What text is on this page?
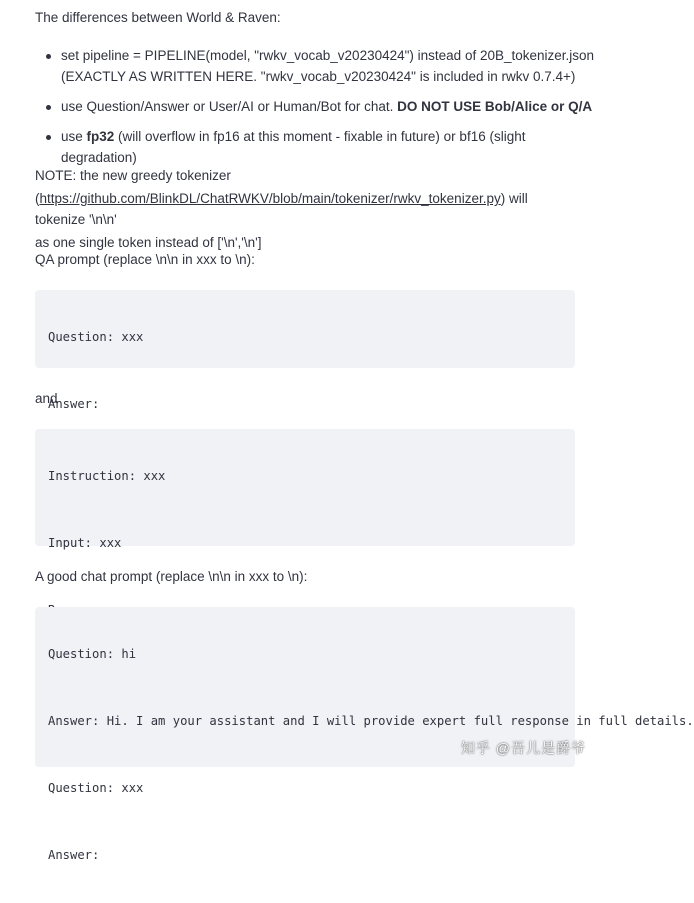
The differences between World & Raven:

set pipeline = PIPELINE(model, "rwkv_vocab_v20230424") instead of 20B_tokenizer.json
(EXACTLY AS WRITTEN HERE. "rwkv_vocab_v20230424" is included in rwkv 0.7.4+)
use Question/Answer or User/AI or Human/Bot for chat. DO NOT USE Bob/Alice or Q/A
use fp32 (will overflow in fp16 at this moment - fixable in future) or bf16 (slight degradation)

NOTE: the new greedy tokenizer

(https://github.com/BlinkDL/ChatRWKV/blob/main/tokenizer/rwkv_tokenizer.py) will tokenize '\n\n'

as one single token instead of ['\n','\n']

QA prompt (replace \n\n in xxx to \n):

Question: xxx

Answer:

and

Instruction: xxx

Input: xxx

A good chat prompt (replace \n\n in xxx to \n):

Question: hi

Answer: Hi. I am your assistant and I will provide expert full response in full details.

Question: xxx

Answer:

知乎 @吾儿是爵爷
